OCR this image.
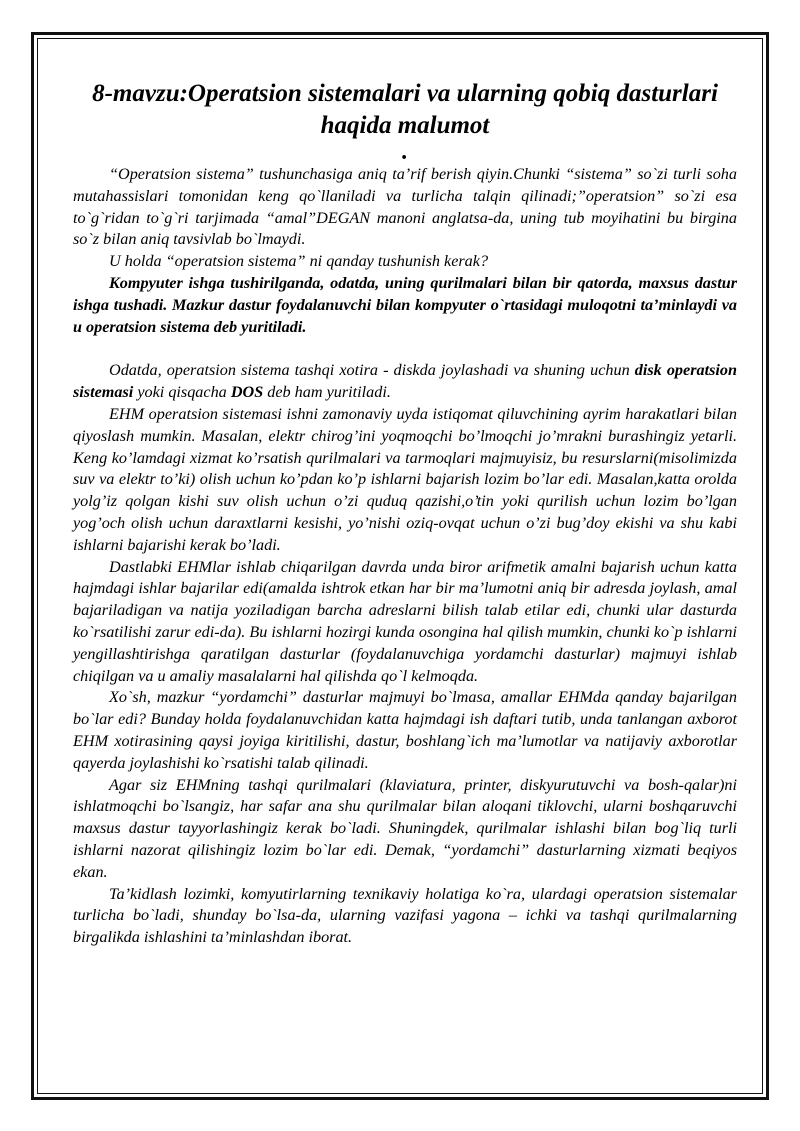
8-mavzu:Operatsion sistemalari va ularning qobiq dasturlari haqida malumot
.

“Operatsion sistema” tushunchasiga aniq ta’rif berish qiyin.Chunki “sistema” so`zi turli soha mutahassislari tomonidan keng qo`llaniladi va turlicha talqin qilinadi;”operatsion” so`zi esa to`g`ridan to`g`ri tarjimada “amal”DEGAN manoni anglatsa-da, uning tub moyihatini bu birgina so`z bilan aniq tavsivlab bo`lmaydi.

U holda “operatsion sistema” ni qanday tushunish kerak?

Kompyuter ishga tushirilganda, odatda, uning qurilmalari bilan bir qatorda, maxsus dastur ishga tushadi. Mazkur dastur foydalanuvchi bilan kompyuter o`rtasidagi muloqotni ta’minlaydi va u operatsion sistema deb yuritiladi.

Odatda, operatsion sistema tashqi xotira - diskda joylashadi va shuning uchun disk operatsion sistemasi yoki qisqacha DOS deb ham yuritiladi.

EHM operatsion sistemasi ishni zamonaviy uyda istiqomat qiluvchining ayrim harakatlari bilan qiyoslash mumkin. Masalan, elektr chirog’ini yoqmoqchi bo’lmoqchi jo’mrakni burashingiz yetarli. Keng ko’lamdagi xizmat ko’rsatish qurilmalari va tarmoqlari majmuyisiz, bu resurslarni(misolimizda suv va elektr to’ki) olish uchun ko’pdan ko’p ishlarni bajarish lozim bo’lar edi. Masalan,katta orolda yolg’iz qolgan kishi suv olish uchun o’zi quduq qazishi,o’tin yoki qurilish uchun lozim bo’lgan yog’och olish uchun daraxtlarni kesishi, yo’nishi oziq-ovqat uchun o’zi bug’doy ekishi va shu kabi ishlarni bajarishi kerak bo’ladi.

Dastlabki EHMlar ishlab chiqarilgan davrda unda biror arifmetik amalni bajarish uchun katta hajmdagi ishlar bajarilar edi(amalda ishtrok etkan har bir ma’lumotni aniq bir adresda joylash, amal bajariladigan va natija yoziladigan barcha adreslarni bilish talab etilar edi, chunki ular dasturda ko`rsatilishi zarur edi-da). Bu ishlarni hozirgi kunda osongina hal qilish mumkin, chunki ko`p ishlarni yengillashtirishga qaratilgan dasturlar (foydalanuvchiga yordamchi dasturlar) majmuyi ishlab chiqilgan va u amaliy masalalarni hal qilishda qo`l kelmoqda.

Xo`sh, mazkur “yordamchi” dasturlar majmuyi bo`lmasa, amallar EHMda qanday bajarilgan bo`lar edi? Bunday holda foydalanuvchidan katta hajmdagi ish daftari tutib, unda tanlangan axborot EHM xotirasining qaysi joyiga kiritilishi, dastur, boshlang`ich ma’lumotlar va natijaviy axborotlar qayerda joylashishi ko`rsatishi talab qilinadi.

Agar siz EHMning tashqi qurilmalari (klaviatura, printer, diskyurutuvchi va bosh-qalar)ni ishlatmoqchi bo`lsangiz, har safar ana shu qurilmalar bilan aloqani tiklovchi, ularni boshqaruvchi maxsus dastur tayyorlashingiz kerak bo`ladi. Shuningdek, qurilmalar ishlashi bilan bog`liq turli ishlarni nazorat qilishingiz lozim bo`lar edi. Demak, “yordamchi” dasturlarning xizmati beqiyos ekan.

Ta’kidlash lozimki, komyutirlarning texnikaviy holatiga ko`ra, ulardagi operatsion sistemalar turlicha bo`ladi, shunday bo`lsa-da, ularning vazifasi yagona – ichki va tashqi qurilmalarning birgalikda ishlashini ta’minlashdan iborat.
